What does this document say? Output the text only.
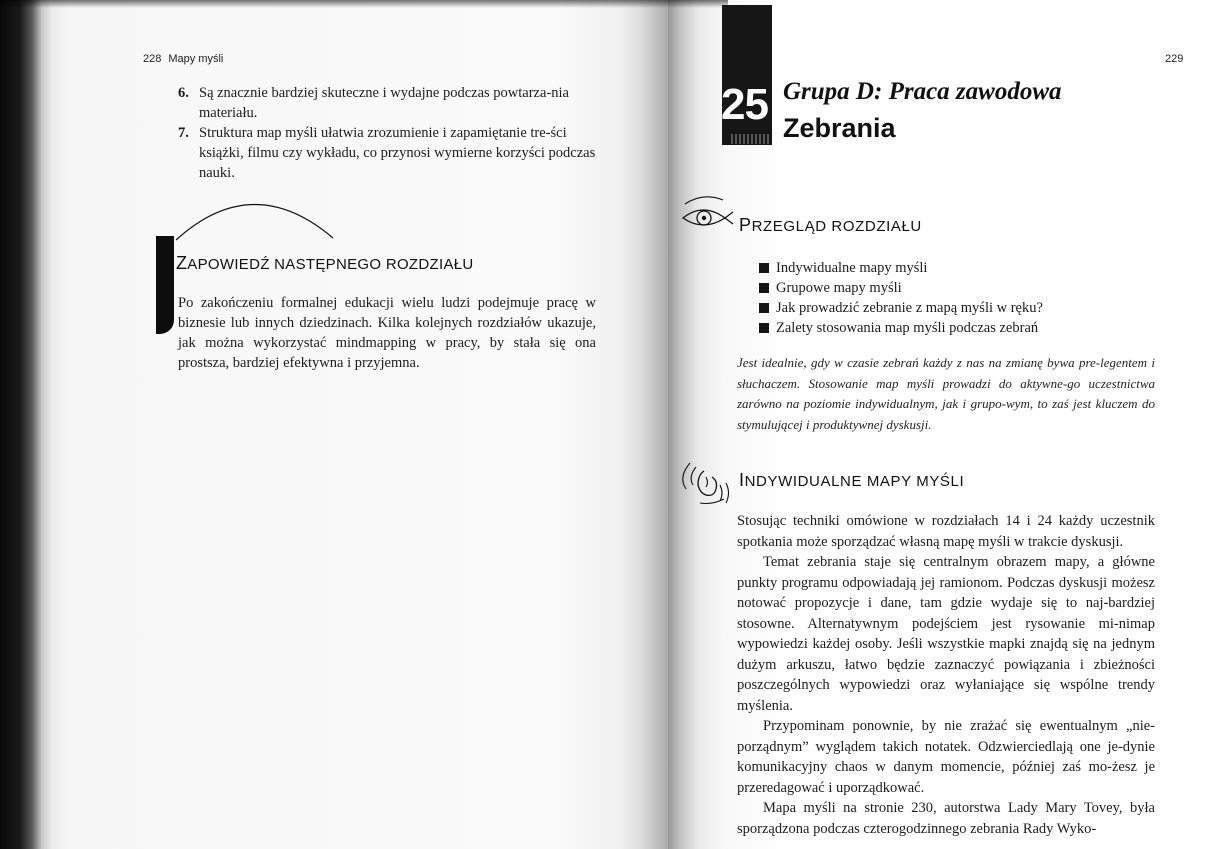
228 Mapy myśli
6. Są znacznie bardziej skuteczne i wydajne podczas powtarza-nia materiału.
7. Struktura map myśli ułatwia zrozumienie i zapamiętanie tre-ści książki, filmu czy wykładu, co przynosi wymierne korzyści podczas nauki.
ZAPOWIEDŹ NASTĘPNEGO ROZDZIAŁU
Po zakończeniu formalnej edukacji wielu ludzi podejmuje pracę w biznesie lub innych dziedzinach. Kilka kolejnych rozdziałów ukazuje, jak można wykorzystać mindmapping w pracy, by stała się ona prostsza, bardziej efektywna i przyjemna.
25 Grupa D: Praca zawodowa
Zebrania
229
PRZEGLĄD ROZDZIAŁU
Indywidualne mapy myśli
Grupowe mapy myśli
Jak prowadzić zebranie z mapą myśli w ręku?
Zalety stosowania map myśli podczas zebrań
Jest idealnie, gdy w czasie zebrań każdy z nas na zmianę bywa pre-legentem i słuchaczem. Stosowanie map myśli prowadzi do aktywne-go uczestnictwa zarówno na poziomie indywidualnym, jak i grupo-wym, to zaś jest kluczem do stymulującej i produktywnej dyskusji.
INDYWIDUALNE MAPY MYŚLI

Stosując techniki omówione w rozdziałach 14 i 24 każdy uczestnik spotkania może sporządzać własną mapę myśli w trakcie dyskusji.

Temat zebrania staje się centralnym obrazem mapy, a główne punkty programu odpowiadają jej ramionom. Podczas dyskusji możesz notować propozycje i dane, tam gdzie wydaje się to naj-bardziej stosowne. Alternatywnym podejściem jest rysowanie mi-nimap wypowiedzi każdej osoby. Jeśli wszystkie mapki znajdą się na jednym dużym arkuszu, łatwo będzie zaznaczyć powiązania i zbieżności poszczególnych wypowiedzi oraz wyłaniające się wspólne trendy myślenia.

Przypominam ponownie, by nie zrażać się ewentualnym „nie-porządnym” wyglądem takich notatek. Odzwierciedlają one je-dynie komunikacyjny chaos w danym momencie, później zaś mo-żesz je przeredagować i uporządkować.

Mapa myśli na stronie 230, autorstwa Lady Mary Tovey, była sporządzona podczas czterogodzinnego zebrania Rady Wyko-
